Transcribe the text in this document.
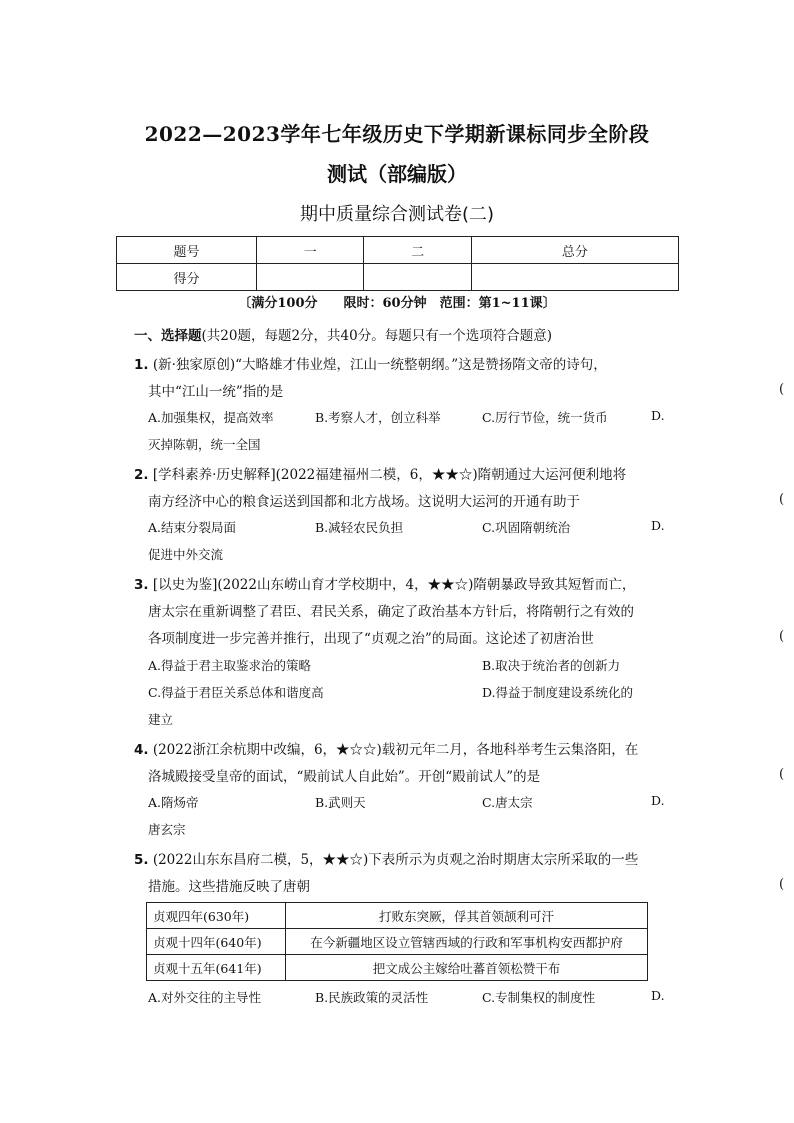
2022—2023学年七年级历史下学期新课标同步全阶段
测试（部编版）
期中质量综合测试卷(二)
题号	一	二	总分
得分			
〔满分100分　　限时：60分钟　范围：第1~11课〕
一、选择题(共20题，每题2分，共40分。每题只有一个选项符合题意)
1. (新·独家原创)“大略雄才伟业煌，江山一统整朝纲。”这是赞扬隋文帝的诗句，
其中“江山一统”指的是	(
A.加强集权，提高效率	B.考察人才，创立科举	C.厉行节俭，统一货币	D.
灭掉陈朝，统一全国
2. [学科素养·历史解释](2022福建福州二模，6，★★☆)隋朝通过大运河便利地将
南方经济中心的粮食运送到国都和北方战场。这说明大运河的开通有助于	(
A.结束分裂局面	B.减轻农民负担	C.巩固隋朝统治	D.
促进中外交流
3. [以史为鉴](2022山东崂山育才学校期中，4，★★☆)隋朝暴政导致其短暂而亡，
唐太宗在重新调整了君臣、君民关系，确定了政治基本方针后，将隋朝行之有效的
各项制度进一步完善并推行，出现了“贞观之治”的局面。这论述了初唐治世	(
A.得益于君主取鉴求治的策略	B.取决于统治者的创新力
C.得益于君臣关系总体和谐度高	D.得益于制度建设系统化的
建立
4. (2022浙江余杭期中改编，6，★☆☆)载初元年二月，各地科举考生云集洛阳，在
洛城殿接受皇帝的面试，“殿前试人自此始”。开创“殿前试人”的是	(
A.隋炀帝	B.武则天	C.唐太宗	D.
唐玄宗
5. (2022山东东昌府二模，5，★★☆)下表所示为贞观之治时期唐太宗所采取的一些
措施。这些措施反映了唐朝	(
贞观四年(630年)	打败东突厥，俘其首领颉利可汗
贞观十四年(640年)	在今新疆地区设立管辖西域的行政和军事机构安西都护府
贞观十五年(641年)	把文成公主嫁给吐蕃首领松赞干布
A.对外交往的主导性	B.民族政策的灵活性	C.专制集权的制度性	D.
